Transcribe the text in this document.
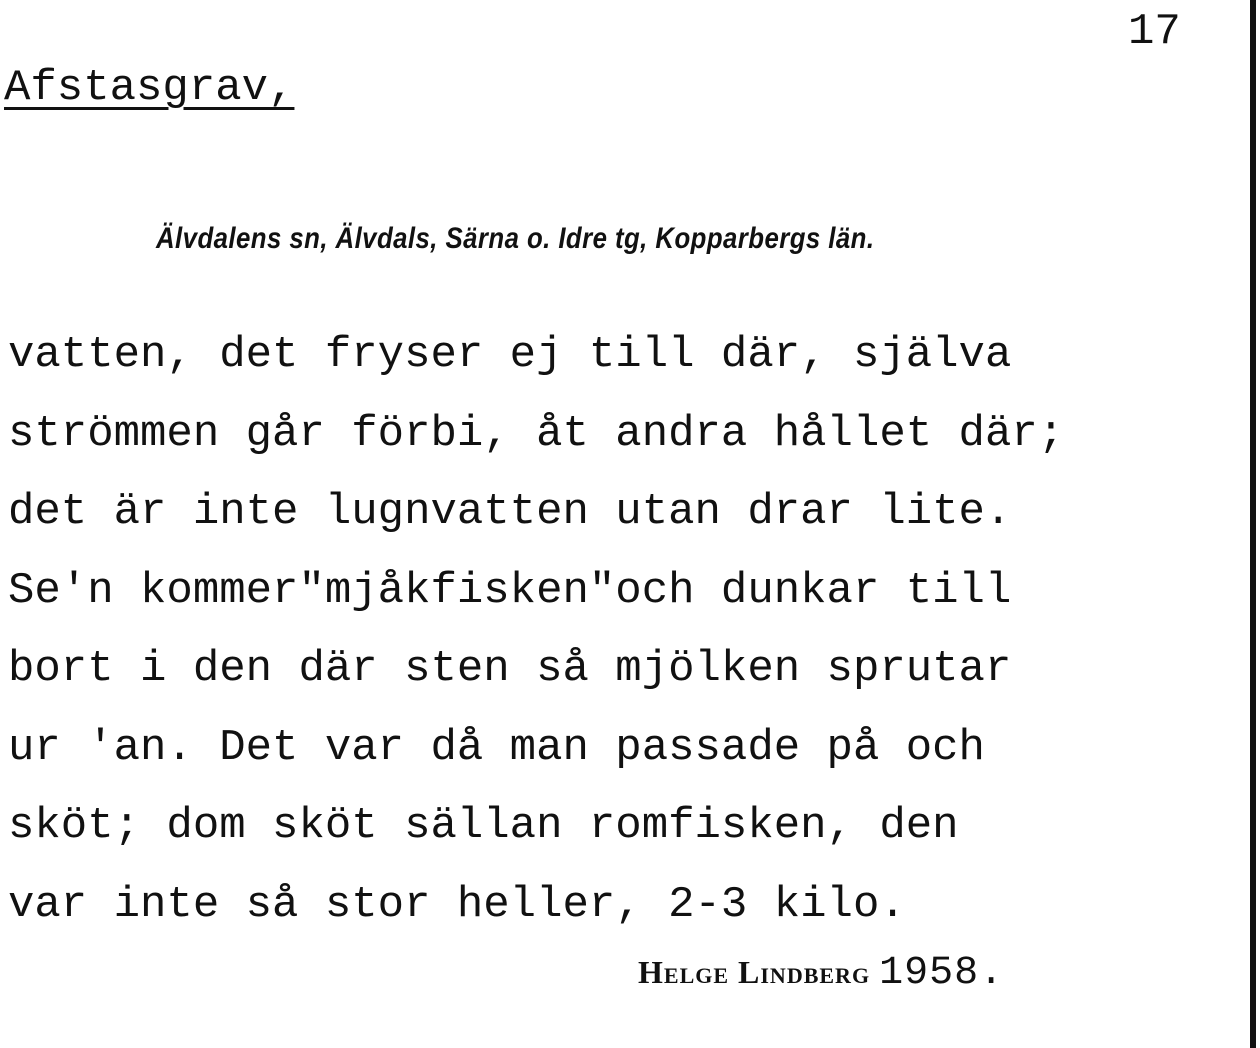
17
Afstasgrav,
Älvdalens sn, Älvdals, Särna o. Idre tg, Kopparbergs län.
vatten, det fryser ej till där, själva
strömmen går förbi, åt andra hållet där;
det är inte lugnvatten utan drar lite.
Se'n kommer"mjåkfisken"och dunkar till
bort i den där sten så mjölken sprutar
ur 'an. Det var då man passade på och
sköt; dom sköt sällan romfisken, den
var inte så stor heller, 2-3 kilo.
Helge Lindberg 1958.
